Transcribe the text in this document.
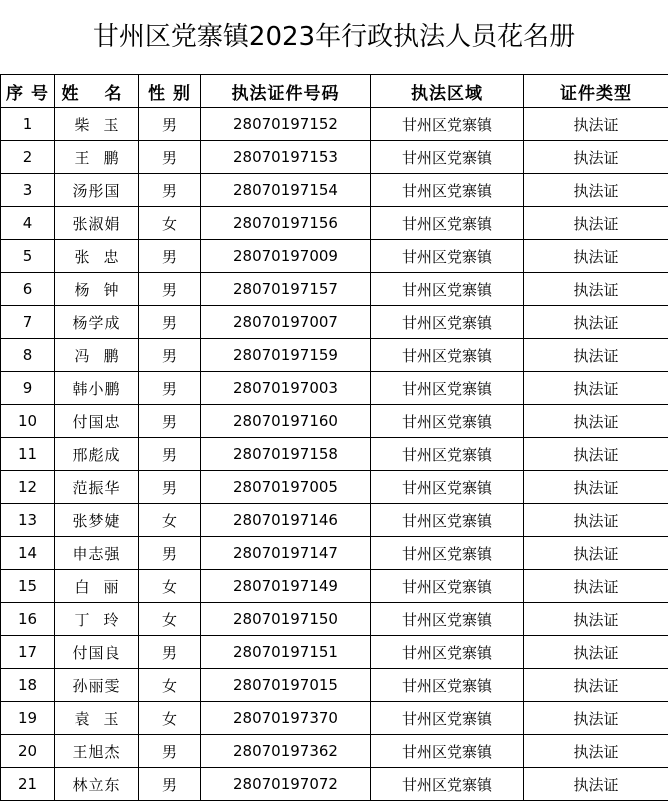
甘州区党寨镇2023年行政执法人员花名册
序 号	姓 名	性 别	执法证件号码	执法区域	证件类型
1	柴玉	男	28070197152	甘州区党寨镇	执法证
2	王鹏	男	28070197153	甘州区党寨镇	执法证
3	汤彤国	男	28070197154	甘州区党寨镇	执法证
4	张淑娟	女	28070197156	甘州区党寨镇	执法证
5	张忠	男	28070197009	甘州区党寨镇	执法证
6	杨钟	男	28070197157	甘州区党寨镇	执法证
7	杨学成	男	28070197007	甘州区党寨镇	执法证
8	冯鹏	男	28070197159	甘州区党寨镇	执法证
9	韩小鹏	男	28070197003	甘州区党寨镇	执法证
10	付国忠	男	28070197160	甘州区党寨镇	执法证
11	邢彪成	男	28070197158	甘州区党寨镇	执法证
12	范振华	男	28070197005	甘州区党寨镇	执法证
13	张梦婕	女	28070197146	甘州区党寨镇	执法证
14	申志强	男	28070197147	甘州区党寨镇	执法证
15	白丽	女	28070197149	甘州区党寨镇	执法证
16	丁玲	女	28070197150	甘州区党寨镇	执法证
17	付国良	男	28070197151	甘州区党寨镇	执法证
18	孙丽雯	女	28070197015	甘州区党寨镇	执法证
19	袁玉	女	28070197370	甘州区党寨镇	执法证
20	王旭杰	男	28070197362	甘州区党寨镇	执法证
21	林立东	男	28070197072	甘州区党寨镇	执法证
